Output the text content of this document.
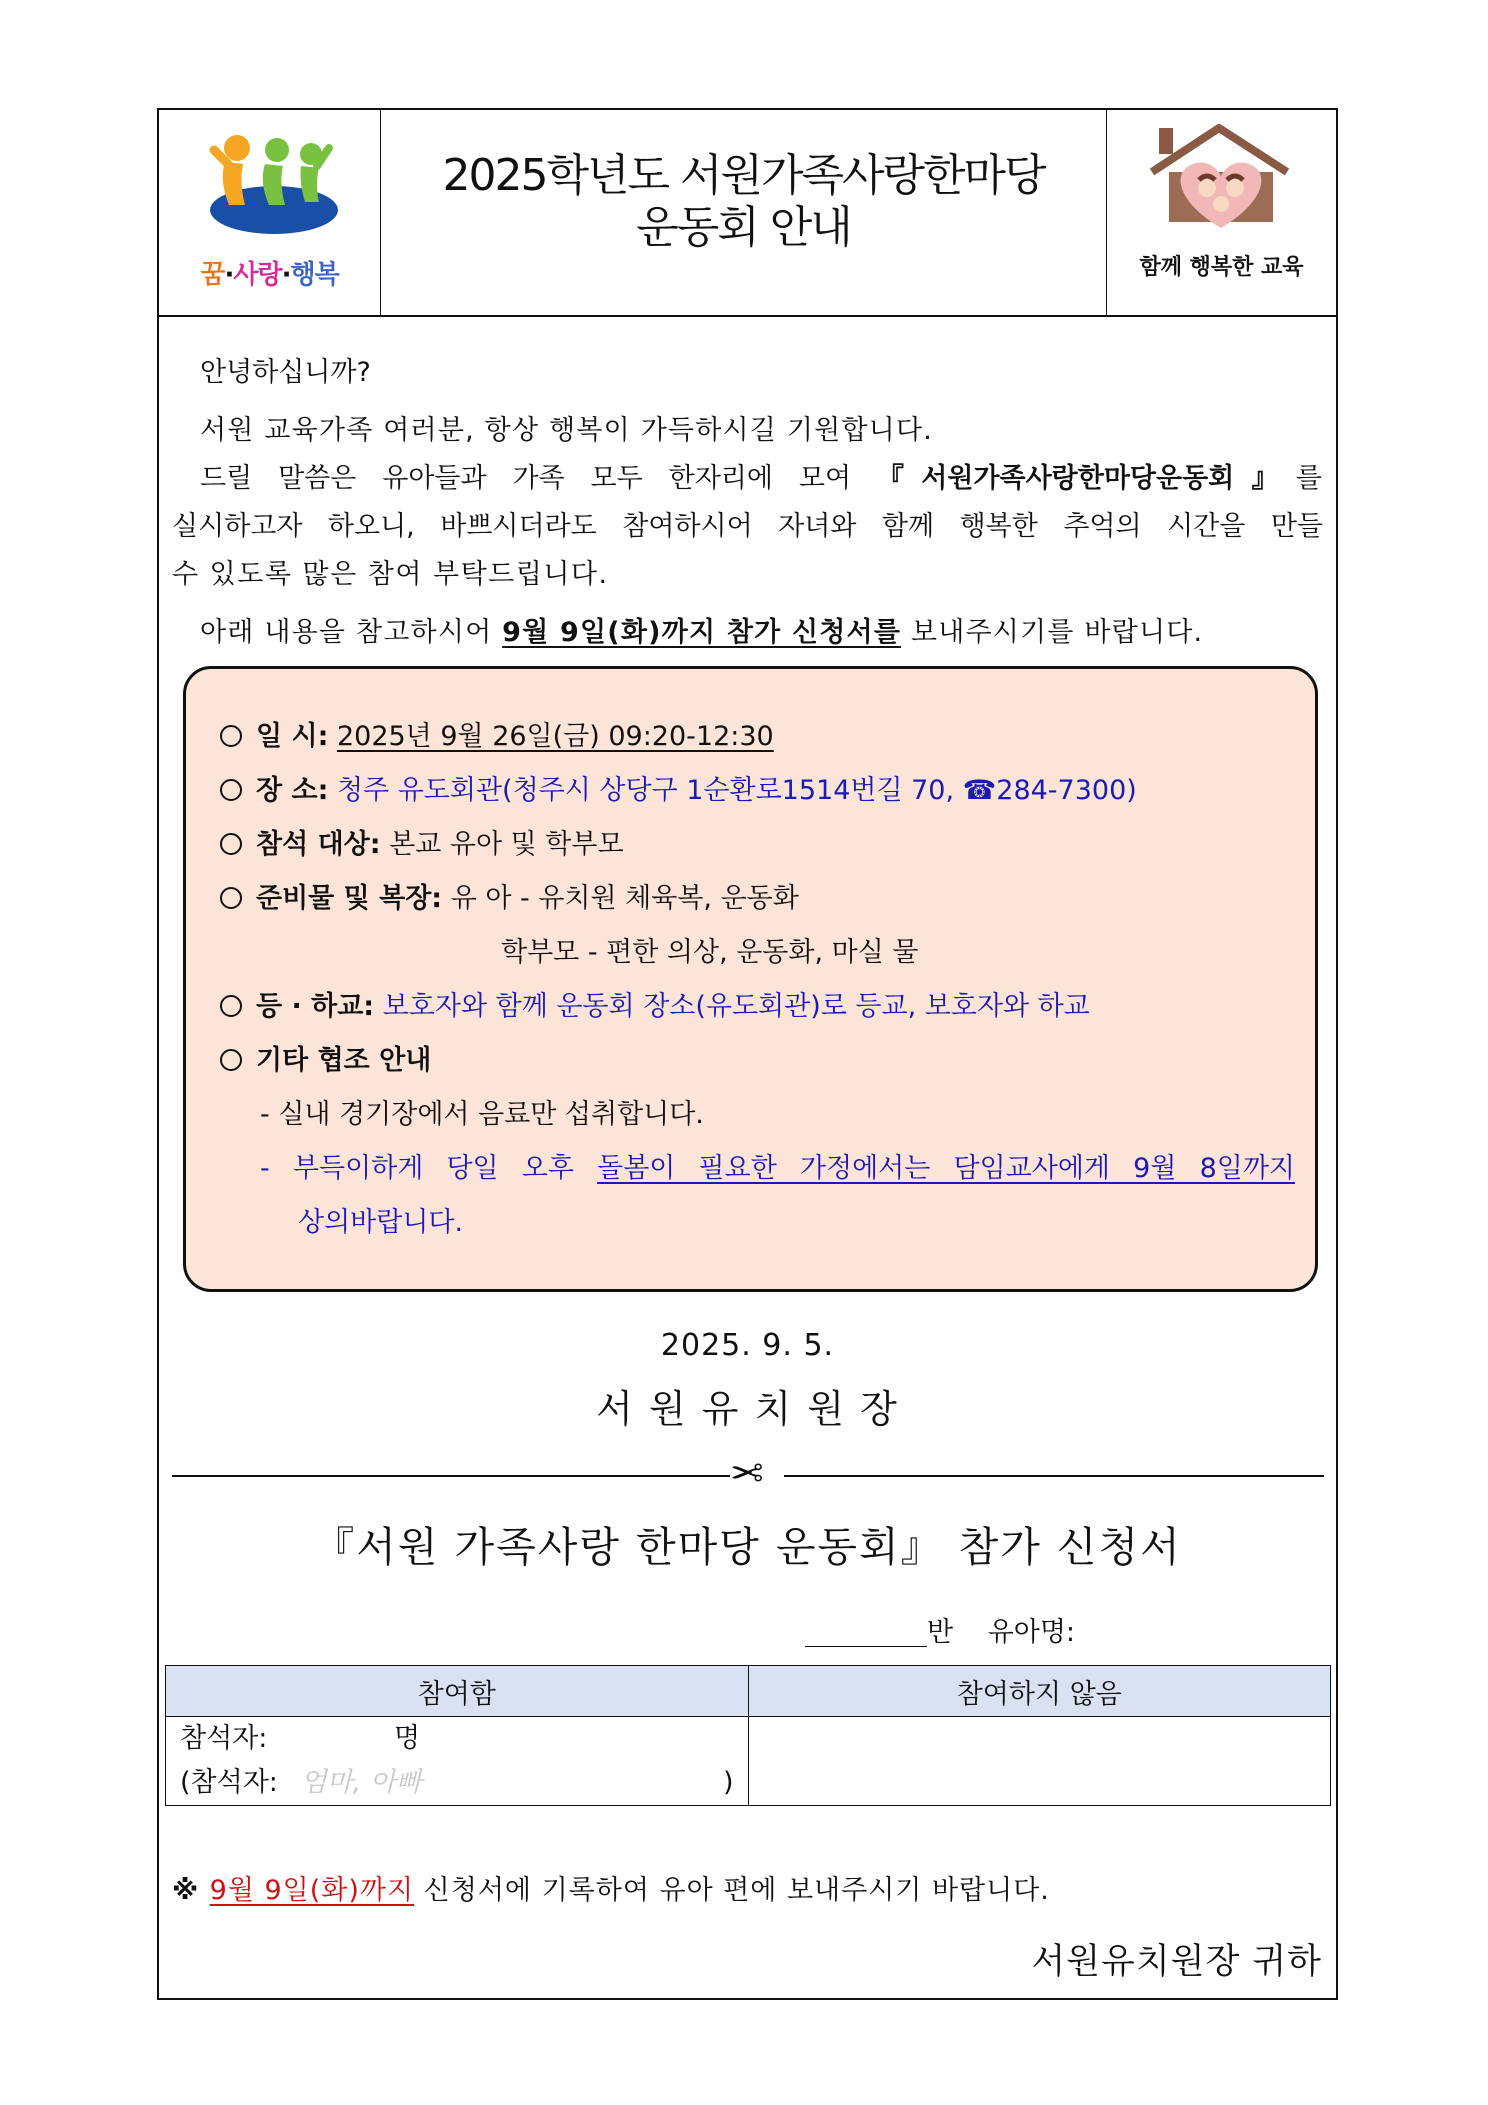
꿈·사랑·행복
2025학년도 서원가족사랑한마당
운동회 안내
함께 행복한 교육
안녕하십니까?
서원 교육가족 여러분, 항상 행복이 가득하시길 기원합니다.
드릴 말씀은 유아들과 가족 모두 한자리에 모여 『서원가족사랑한마당운동회』를
실시하고자 하오니, 바쁘시더라도 참여하시어 자녀와 함께 행복한 추억의 시간을 만들
수 있도록 많은 참여 부탁드립니다.
아래 내용을 참고하시어 9월 9일(화)까지 참가 신청서를 보내주시기를 바랍니다.
일 시: 2025년 9월 26일(금) 09:20-12:30
장 소: 청주 유도회관(청주시 상당구 1순환로1514번길 70, ☎284-7300)
참석 대상: 본교 유아 및 학부모
준비물 및 복장: 유 아 - 유치원 체육복, 운동화
학부모 - 편한 의상, 운동화, 마실 물
등 · 하교: 보호자와 함께 운동회 장소(유도회관)로 등교, 보호자와 하교
기타 협조 안내
- 실내 경기장에서 음료만 섭취합니다.
- 부득이하게 당일 오후 돌봄이 필요한 가정에서는 담임교사에게 9월 8일까지
상의바랍니다.
2025. 9. 5.
서 원 유 치 원 장
✂
『서원 가족사랑 한마당 운동회』 참가 신청서
반 유아명:
참여함	참여하지 않음

참석자: 명
(참석자: 엄마, 아빠 )	

※ 9월 9일(화)까지 신청서에 기록하여 유아 편에 보내주시기 바랍니다.
서원유치원장 귀하
